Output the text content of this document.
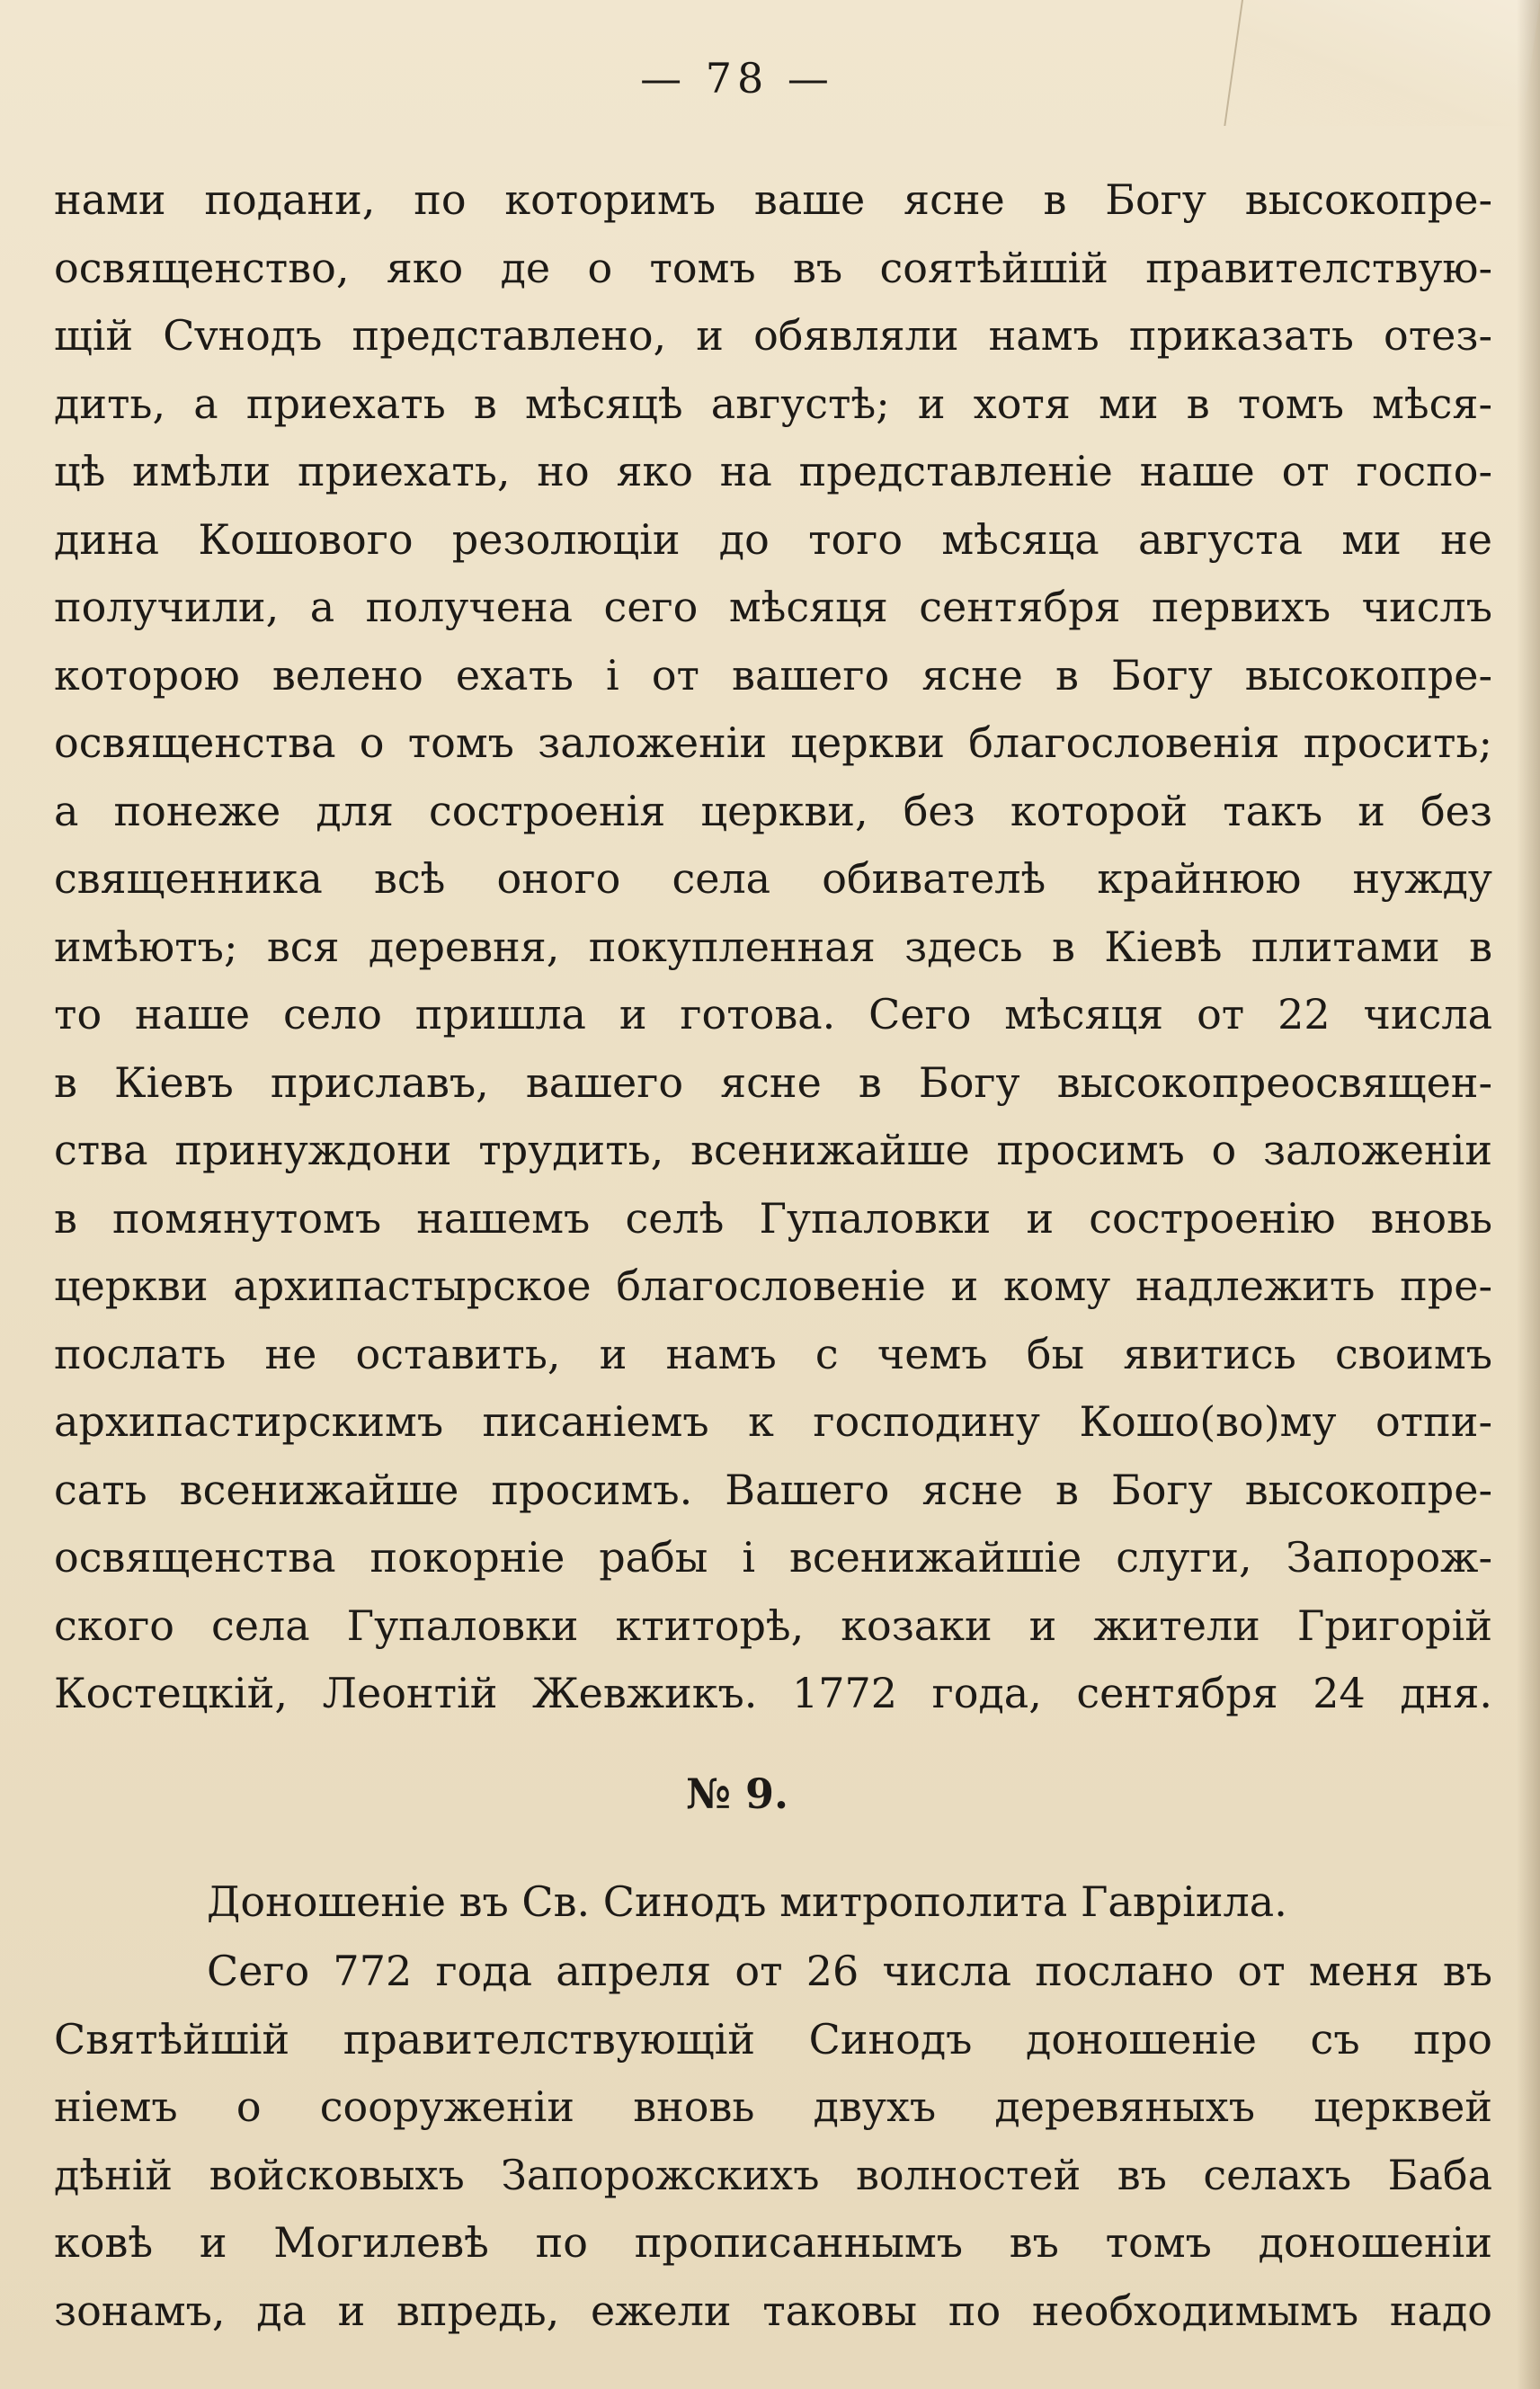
— 78 —
нами подани, по которимъ ваше ясне в Богу высокопре-
освященство, яко де о томъ въ соятѣйшій правителствую-
щій Сvнодъ представлено, и обявляли намъ приказать отез-
дить, а приехать в мѣсяцѣ августѣ; и хотя ми в томъ мѣся-
цѣ имѣли приехать, но яко на представленіе наше от госпо-
дина Кошового резолюціи до того мѣсяца августа ми не
получили, а получена сего мѣсяця сентября первихъ числъ
которою велено ехать і от вашего ясне в Богу высокопре-
освященства о томъ заложеніи церкви благословенія просить;
а понеже для состроенія церкви, без которой такъ и без
священника всѣ оного села обивателѣ крайнюю нужду
имѣютъ; вся деревня, покупленная здесь в Кіевѣ плитами в
то наше село пришла и готова. Сего мѣсяця от 22 числа
в Кіевъ приславъ, вашего ясне в Богу высокопреосвящен-
ства принуждони трудить, всенижайше просимъ о заложеніи
в помянутомъ нашемъ селѣ Гупаловки и состроенію вновь
церкви архипастырское благословеніе и кому надлежить пре-
послать не оставить, и намъ с чемъ бы явитись своимъ
архипастирскимъ писаніемъ к господину Кошо(во)му отпи-
сать всенижайше просимъ. Вашего ясне в Богу высокопре-
освященства покорніе рабы і всенижайшіе слуги, Запорож-
ского села Гупаловки ктиторѣ, козаки и жители Григорій
Костецкій, Леонтій Жевжикъ. 1772 года, сентября 24 дня.
№ 9.
Доношеніе въ Св. Синодъ митрополита Гавріила.
Сего 772 года апреля от 26 числа послано от меня въ
Святѣйшій правителствующій Синодъ доношеніе съ про
ніемъ о сооруженіи вновь двухъ деревяныхъ церквей
дѣній войсковыхъ Запорожскихъ волностей въ селахъ Баба
ковѣ и Могилевѣ по прописаннымъ въ томъ доношеніи
зонамъ, да и впредь, ежели таковы по необходимымъ надо
